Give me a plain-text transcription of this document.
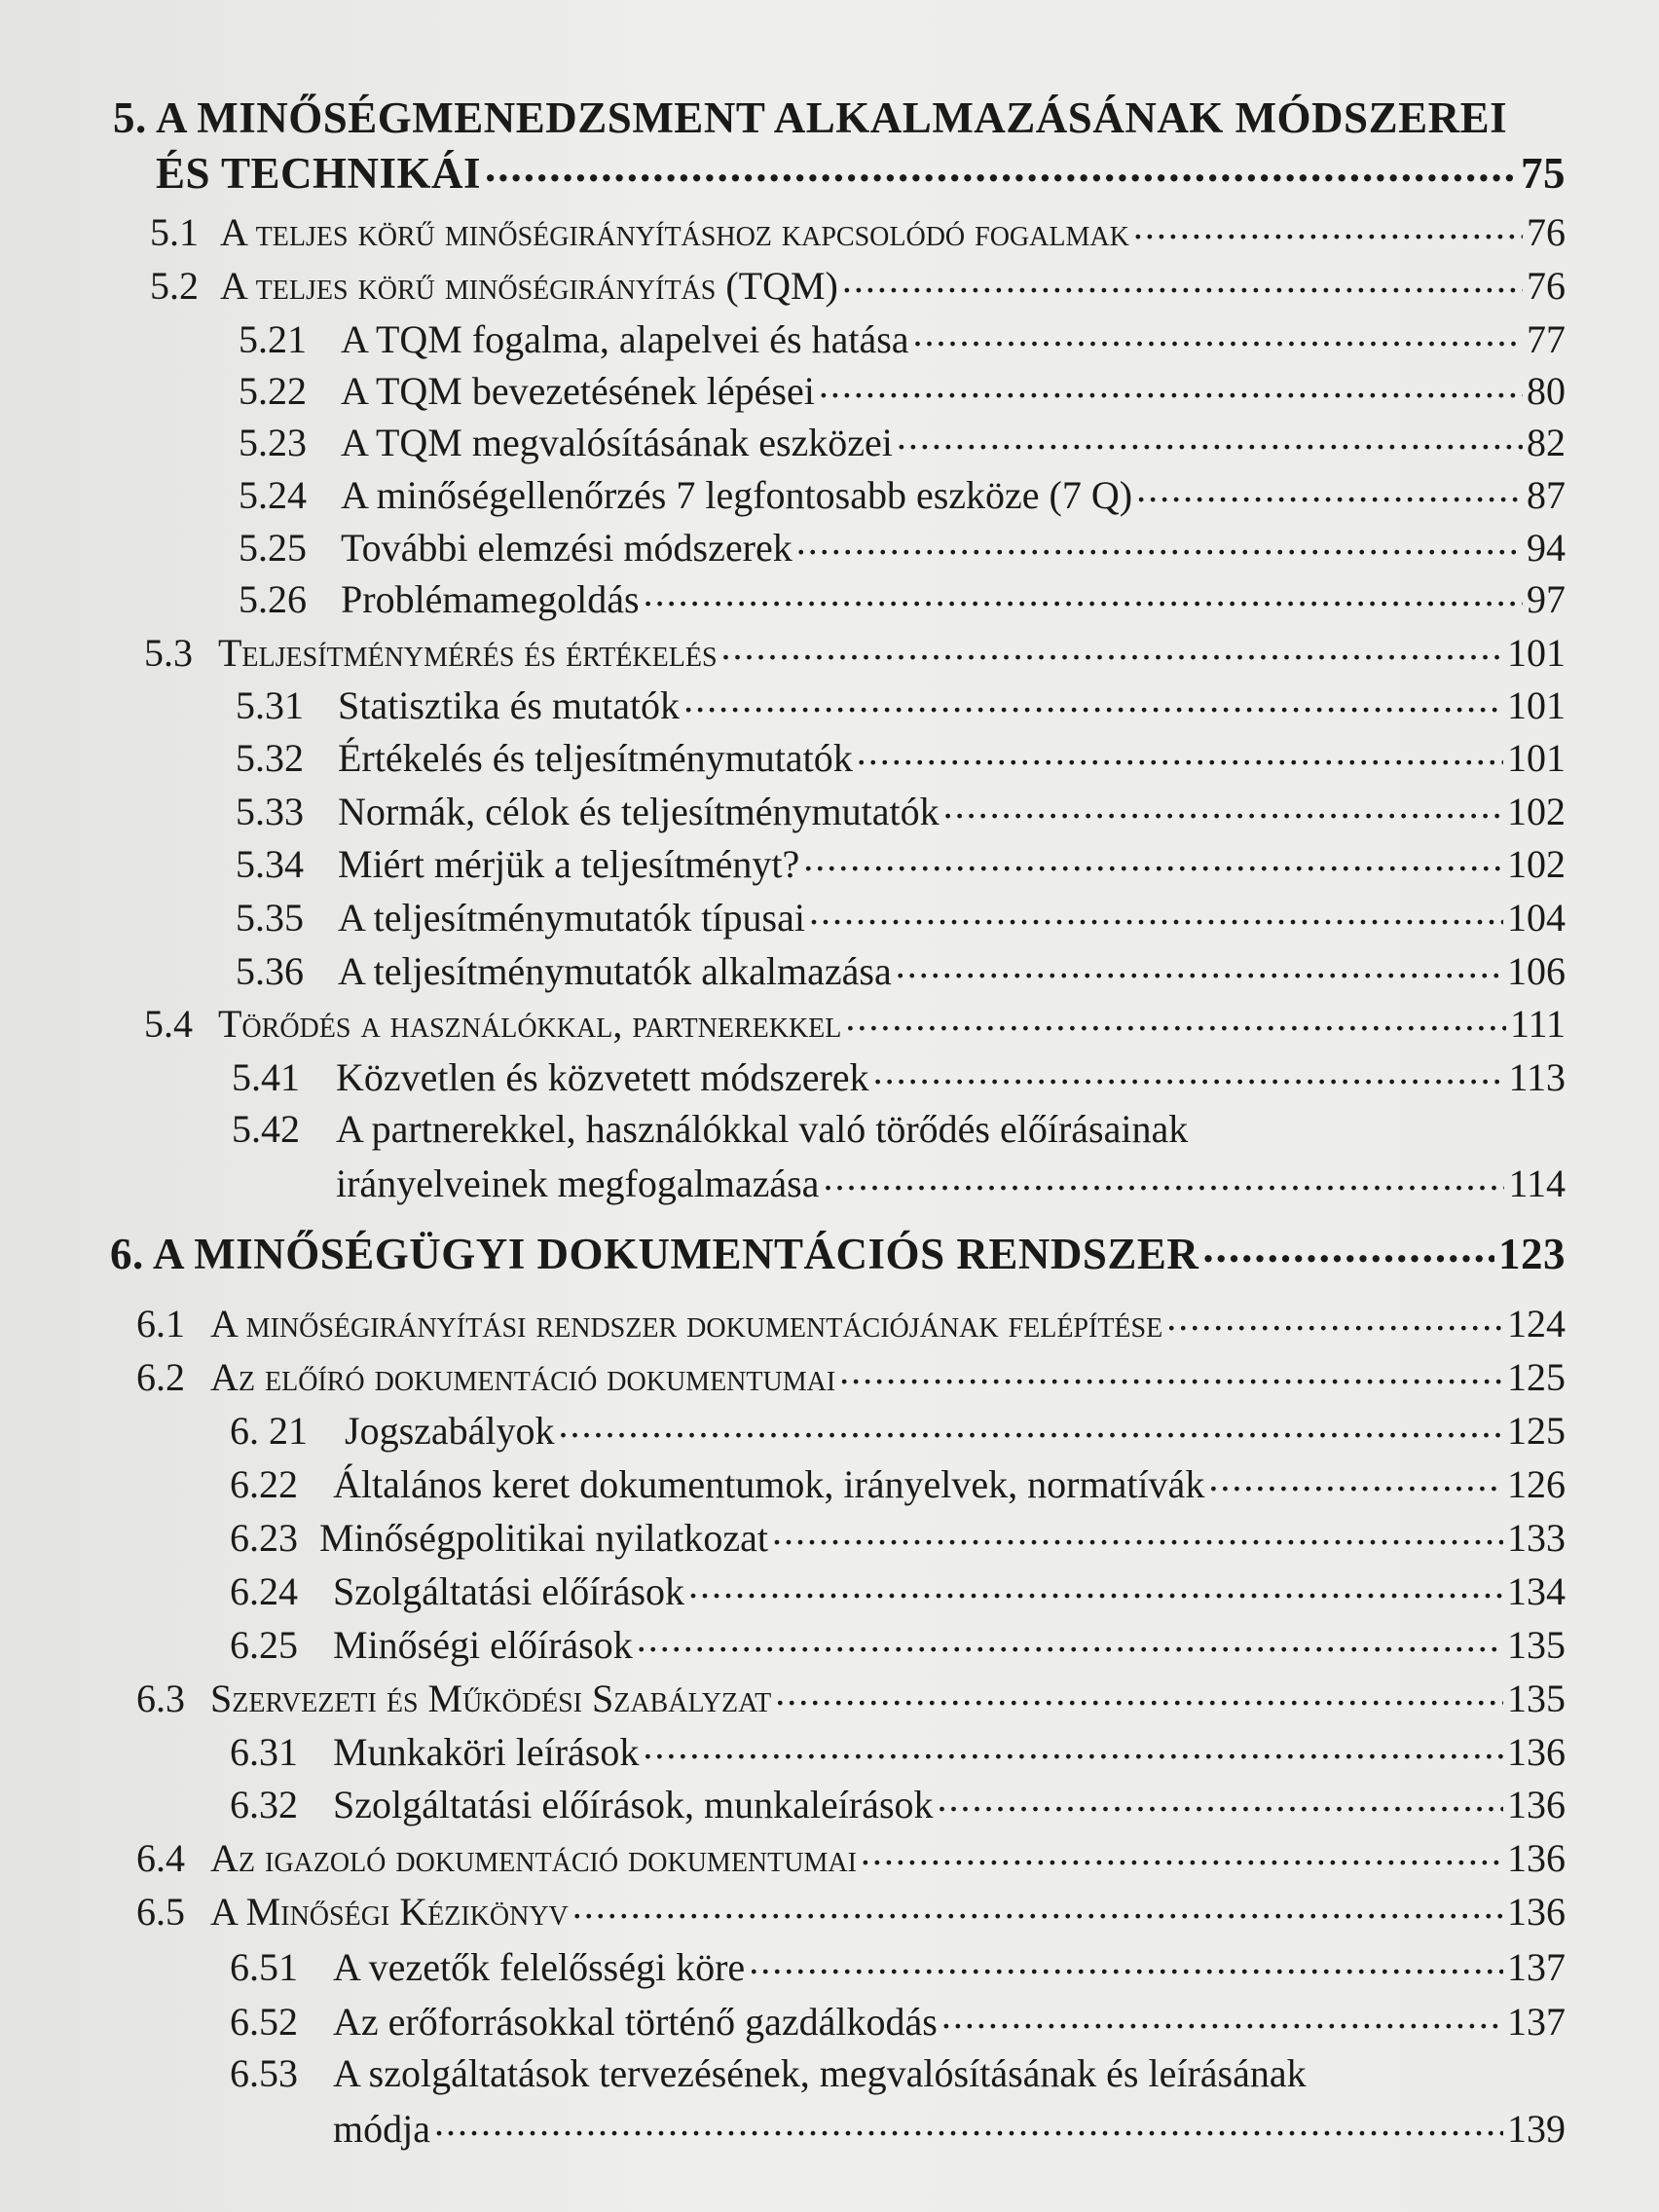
5. A MINŐSÉGMENEDZSMENT ALKALMAZÁSÁNAK MÓDSZEREI
ÉS TECHNIKÁI .....	75
5.1 A teljes körű minőségirányításhoz kapcsolódó fogalmak .....	76
5.2 A teljes körű minőségirányítás (TQM) .....	76
5.21 A TQM fogalma, alapelvei és hatása .....	77
5.22 A TQM bevezetésének lépései .....	80
5.23 A TQM megvalósításának eszközei .....	82
5.24 A minőségellenőrzés 7 legfontosabb eszköze (7 Q) .....	87
5.25 További elemzési módszerek .....	94
5.26 Problémamegoldás .....	97
5.3 Teljesítménymérés és értékelés .....	101
5.31 Statisztika és mutatók .....	101
5.32 Értékelés és teljesítménymutatók .....	101
5.33 Normák, célok és teljesítménymutatók .....	102
5.34 Miért mérjük a teljesítményt? .....	102
5.35 A teljesítménymutatók típusai .....	104
5.36 A teljesítménymutatók alkalmazása .....	106
5.4 Törődés a használókkal, partnerekkel .....	111
5.41 Közvetlen és közvetett módszerek .....	113
5.42 A partnerekkel, használókkal való törődés előírásainak
irányelveinek megfogalmazása .....	114
6. A MINŐSÉGÜGYI DOKUMENTÁCIÓS RENDSZER .....	123
6.1 A minőségirányítási rendszer dokumentációjának felépítése .....	124
6.2 Az előíró dokumentáció dokumentumai .....	125
6. 21 Jogszabályok .....	125
6.22 Általános keret dokumentumok, irányelvek, normatívák .....	126
6.23 Minőségpolitikai nyilatkozat .....	133
6.24 Szolgáltatási előírások .....	134
6.25 Minőségi előírások .....	135
6.3 Szervezeti és Működési Szabályzat .....	135
6.31 Munkaköri leírások .....	136
6.32 Szolgáltatási előírások, munkaleírások .....	136
6.4 Az igazoló dokumentáció dokumentumai .....	136
6.5 A Minőségi Kézikönyv .....	136
6.51 A vezetők felelősségi köre .....	137
6.52 Az erőforrásokkal történő gazdálkodás .....	137
6.53 A szolgáltatások tervezésének, megvalósításának és leírásának
módja .....	139
